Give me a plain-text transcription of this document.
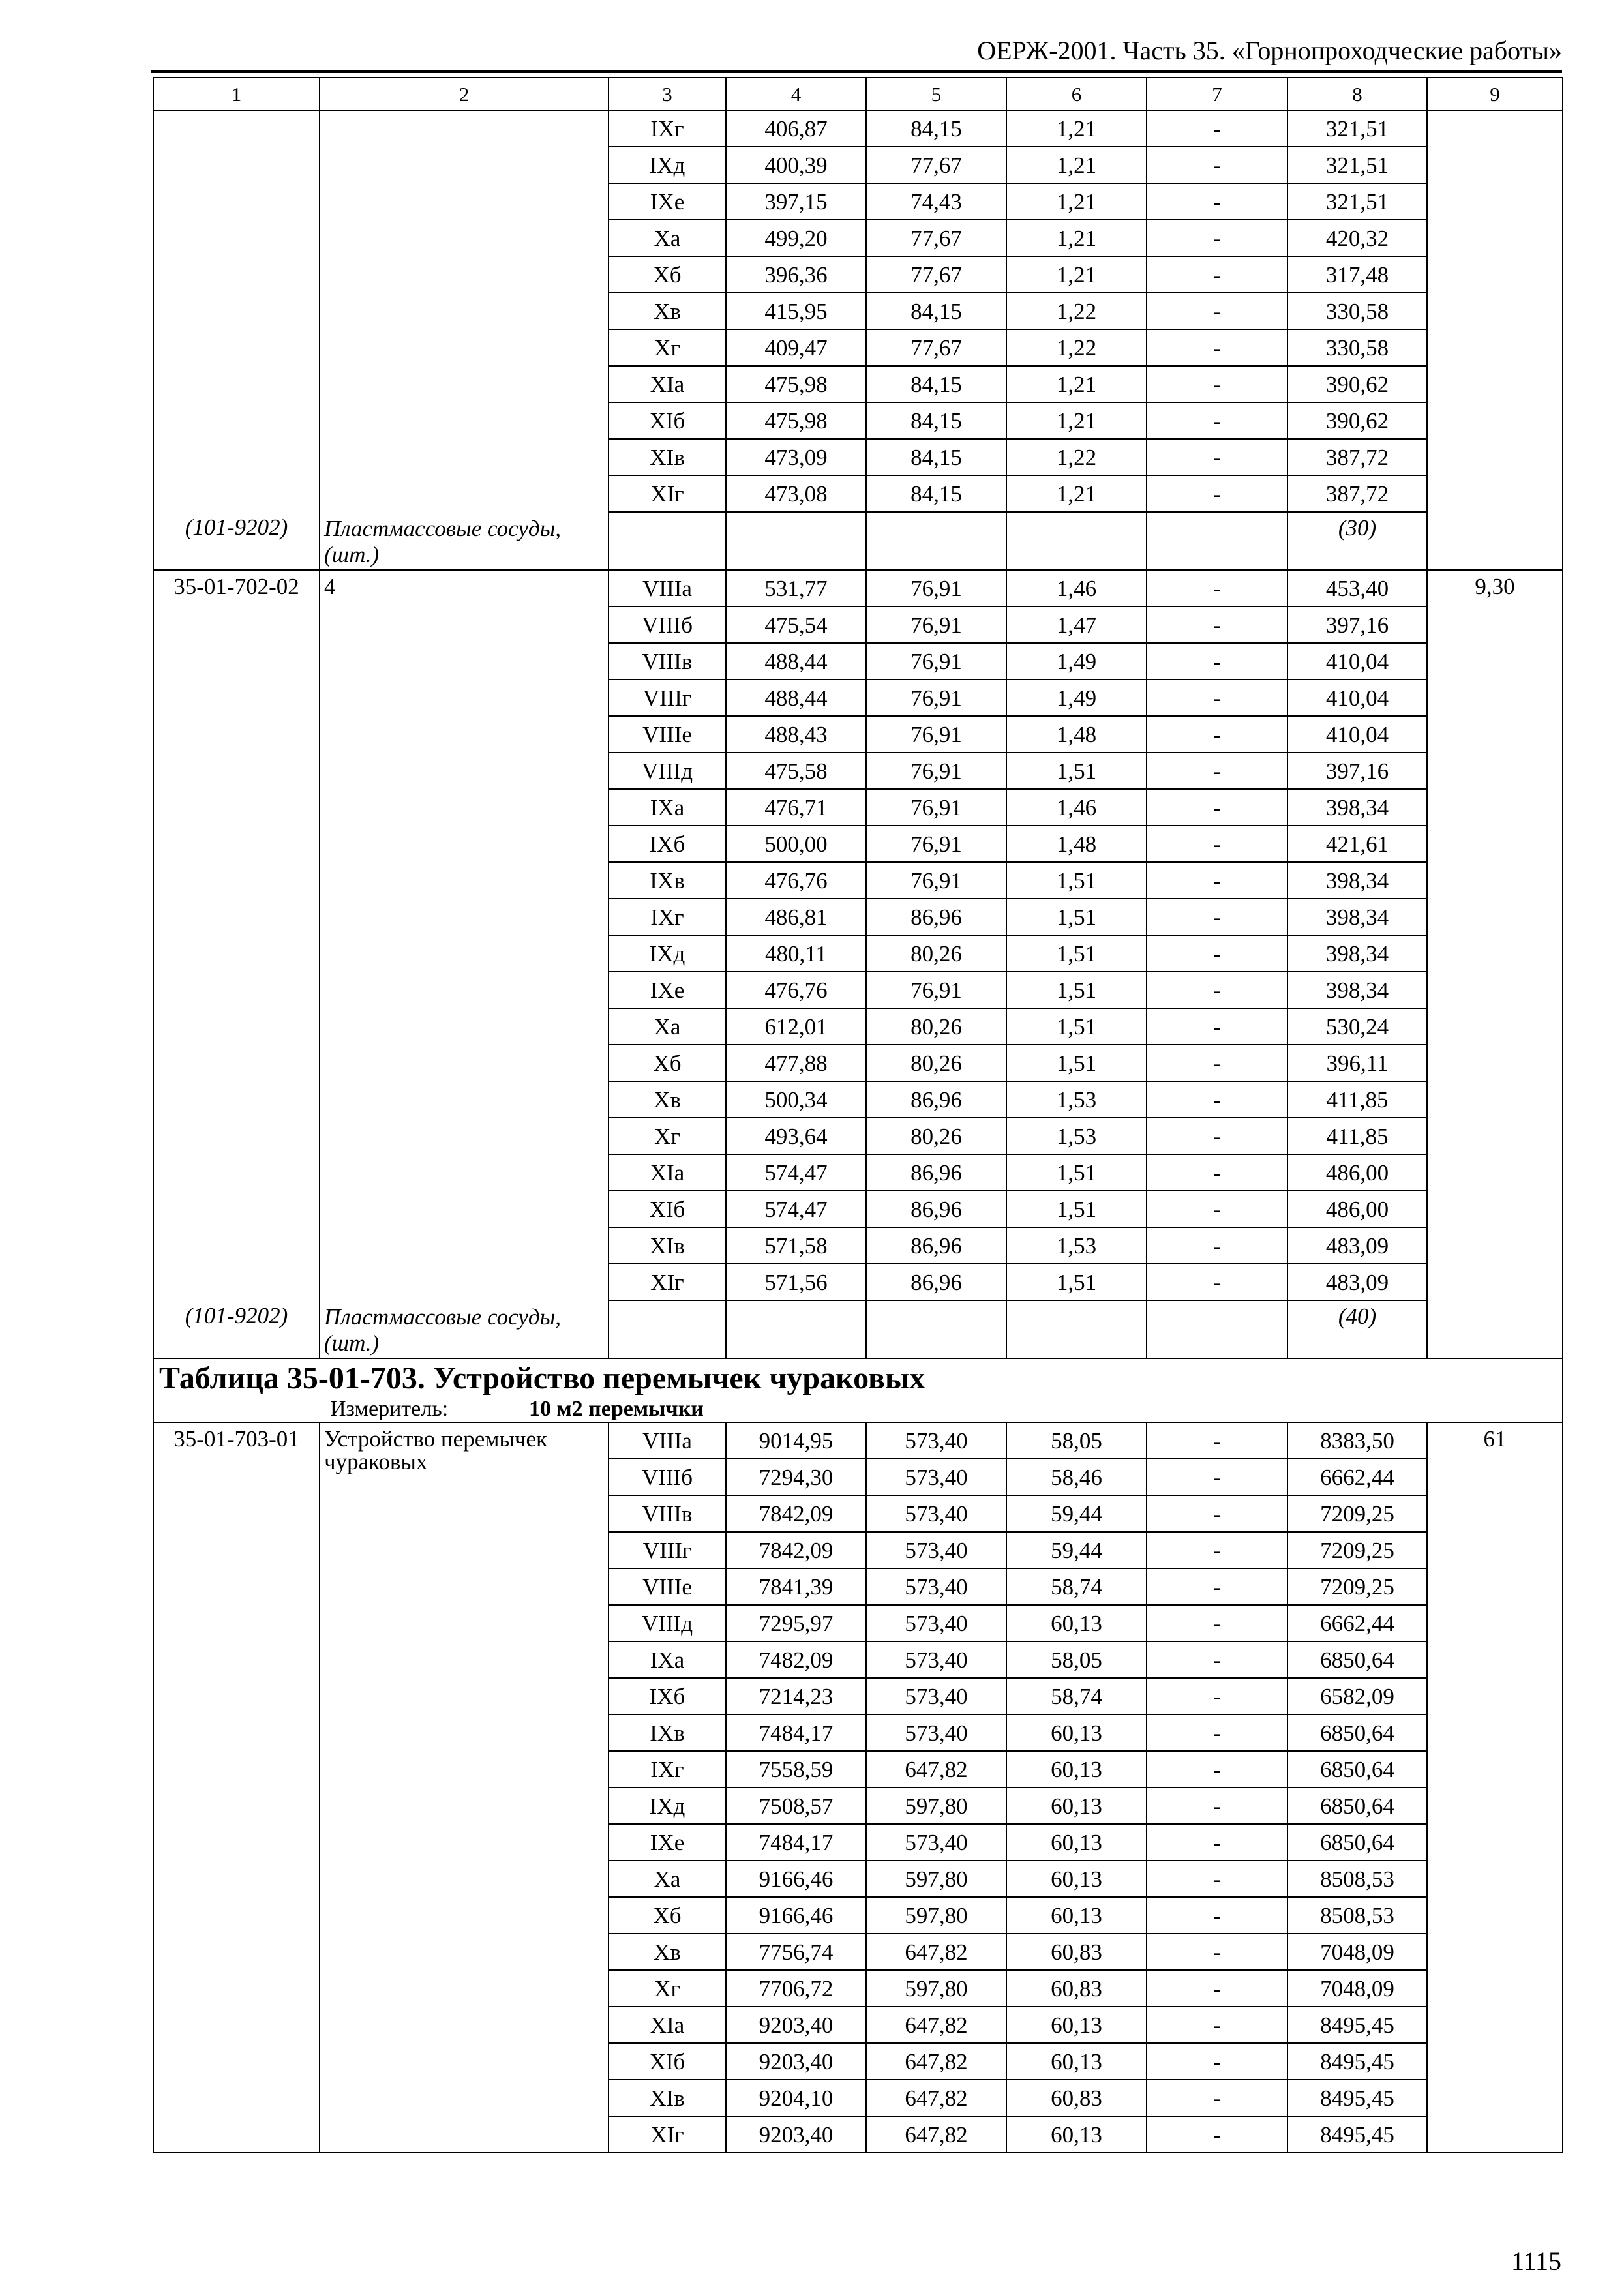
ОЕРЖ-2001. Часть 35. «Горнопроходческие работы»
1	2	3	4	5	6	7	8	9
		IXг	406,87	84,15	1,21	-	321,51	
		IXд	400,39	77,67	1,21	-	321,51	
		IXе	397,15	74,43	1,21	-	321,51	
		Xа	499,20	77,67	1,21	-	420,32	
		Xб	396,36	77,67	1,21	-	317,48	
		Xв	415,95	84,15	1,22	-	330,58	
		Xг	409,47	77,67	1,22	-	330,58	
		XIа	475,98	84,15	1,21	-	390,62	
		XIб	475,98	84,15	1,21	-	390,62	
		XIв	473,09	84,15	1,22	-	387,72	
		XIг	473,08	84,15	1,21	-	387,72	
(101-9202)	Пластмассовые сосуды, (шт.)						(30)	
35-01-702-02	4	VIIIа	531,77	76,91	1,46	-	453,40	9,30
		VIIIб	475,54	76,91	1,47	-	397,16	
		VIIIв	488,44	76,91	1,49	-	410,04	
		VIIIг	488,44	76,91	1,49	-	410,04	
		VIIIе	488,43	76,91	1,48	-	410,04	
		VIIIд	475,58	76,91	1,51	-	397,16	
		IXа	476,71	76,91	1,46	-	398,34	
		IXб	500,00	76,91	1,48	-	421,61	
		IXв	476,76	76,91	1,51	-	398,34	
		IXг	486,81	86,96	1,51	-	398,34	
		IXд	480,11	80,26	1,51	-	398,34	
		IXе	476,76	76,91	1,51	-	398,34	
		Xа	612,01	80,26	1,51	-	530,24	
		Xб	477,88	80,26	1,51	-	396,11	
		Xв	500,34	86,96	1,53	-	411,85	
		Xг	493,64	80,26	1,53	-	411,85	
		XIа	574,47	86,96	1,51	-	486,00	
		XIб	574,47	86,96	1,51	-	486,00	
		XIв	571,58	86,96	1,53	-	483,09	
		XIг	571,56	86,96	1,51	-	483,09	
(101-9202)	Пластмассовые сосуды, (шт.)						(40)	

Таблица 35-01-703. Устройство перемычек чураковых
Измеритель: 10 м2 перемычки								

35-01-703-01	Устройство перемычек чураковых	VIIIа	9014,95	573,40	58,05	-	8383,50	61
		VIIIб	7294,30	573,40	58,46	-	6662,44	
		VIIIв	7842,09	573,40	59,44	-	7209,25	
		VIIIг	7842,09	573,40	59,44	-	7209,25	
		VIIIе	7841,39	573,40	58,74	-	7209,25	
		VIIIд	7295,97	573,40	60,13	-	6662,44	
		IXа	7482,09	573,40	58,05	-	6850,64	
		IXб	7214,23	573,40	58,74	-	6582,09	
		IXв	7484,17	573,40	60,13	-	6850,64	
		IXг	7558,59	647,82	60,13	-	6850,64	
		IXд	7508,57	597,80	60,13	-	6850,64	
		IXе	7484,17	573,40	60,13	-	6850,64	
		Xа	9166,46	597,80	60,13	-	8508,53	
		Xб	9166,46	597,80	60,13	-	8508,53	
		Xв	7756,74	647,82	60,83	-	7048,09	
		Xг	7706,72	597,80	60,83	-	7048,09	
		XIа	9203,40	647,82	60,13	-	8495,45	
		XIб	9203,40	647,82	60,13	-	8495,45	
		XIв	9204,10	647,82	60,83	-	8495,45	
		XIг	9203,40	647,82	60,13	-	8495,45	
1115
